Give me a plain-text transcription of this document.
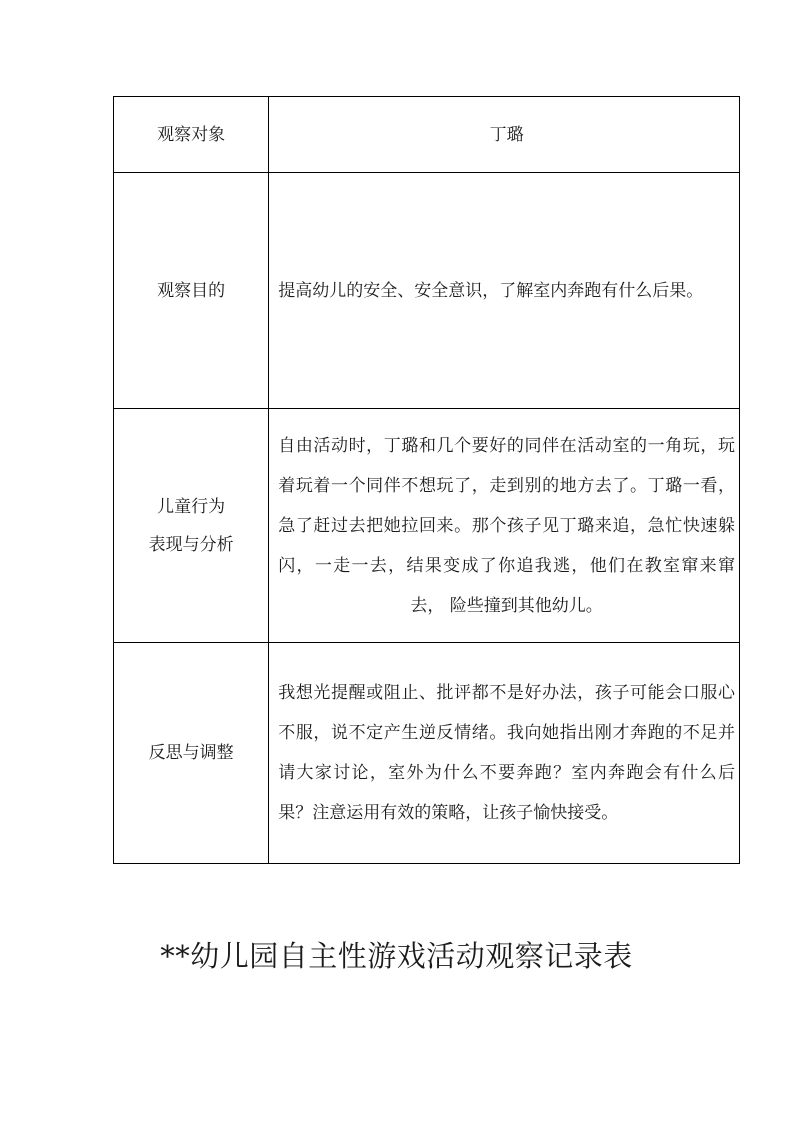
观察对象	丁璐

观察目的	提高幼儿的安全、安全意识，了解室内奔跑有什么后果。

儿童行为
表现与分析	自由活动时，丁璐和几个要好的同伴在活动室的一角玩，玩着玩着一个同伴不想玩了，走到别的地方去了。丁璐一看，急了赶过去把她拉回来。那个孩子见丁璐来追，急忙快速躲闪，一走一去，结果变成了你追我逃，他们在教室窜来窜去， 险些撞到其他幼儿。

反思与调整	我想光提醒或阻止、批评都不是好办法，孩子可能会口服心不服，说不定产生逆反情绪。我向她指出刚才奔跑的不足并请大家讨论，室外为什么不要奔跑？室内奔跑会有什么后果？注意运用有效的策略，让孩子愉快接受。
**幼儿园自主性游戏活动观察记录表
